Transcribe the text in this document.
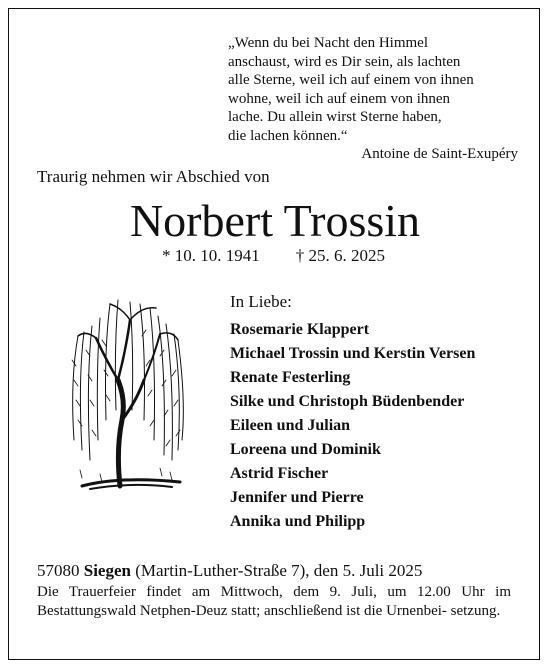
„Wenn du bei Nacht den Himmel
anschaust, wird es Dir sein, als lachten
alle Sterne, weil ich auf einem von ihnen
wohne, weil ich auf einem von ihnen
lache. Du allein wirst Sterne haben,
die lachen können.“
Antoine de Saint-Exupéry
Traurig nehmen wir Abschied von
Norbert Trossin
* 10. 10. 1941 † 25. 6. 2025
In Liebe:
Rosemarie Klappert
Michael Trossin und Kerstin Versen
Renate Festerling
Silke und Christoph Büdenbender
Eileen und Julian
Loreena und Dominik
Astrid Fischer
Jennifer und Pierre
Annika und Philipp
57080 Siegen (Martin-Luther-Straße 7), den 5. Juli 2025
Die Trauerfeier findet am Mittwoch, dem 9. Juli, um 12.00 Uhr im Bestattungswald Netphen-Deuz statt; anschließend ist die Urnenbei- setzung.
